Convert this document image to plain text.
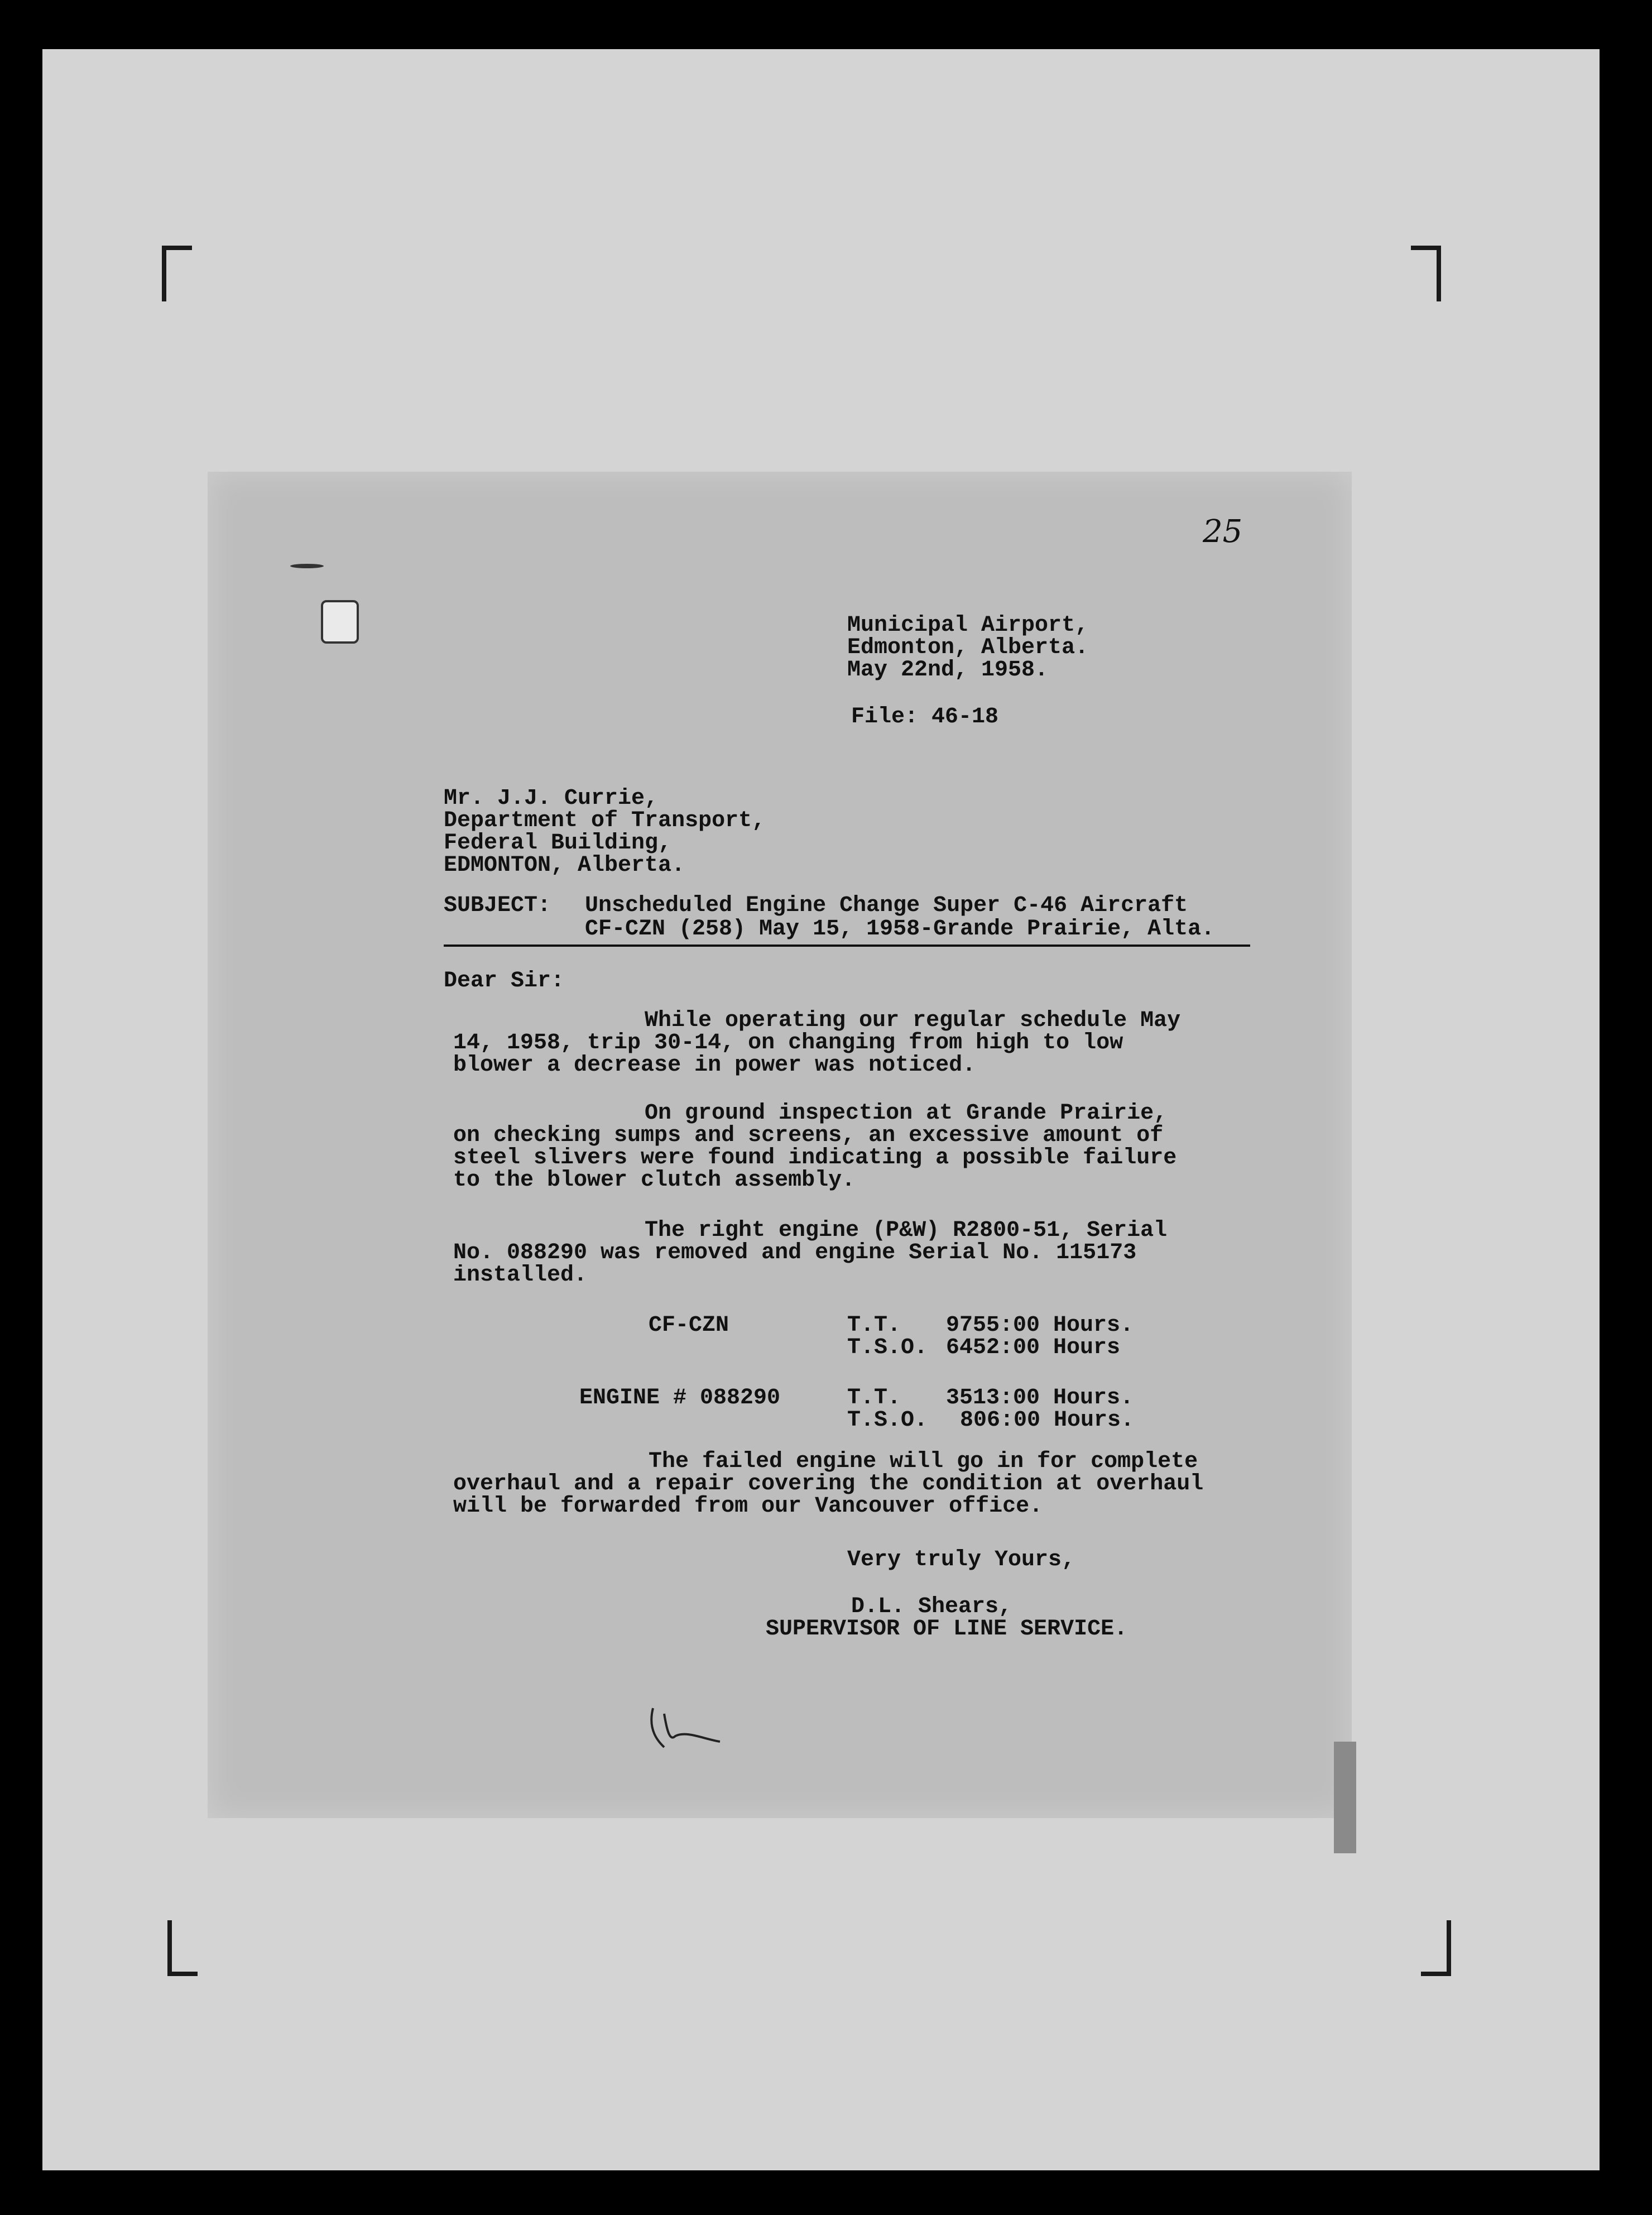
25
Municipal Airport,
Edmonton, Alberta.
May 22nd, 1958.
File: 46-18
Mr. J.J. Currie,
Department of Transport,
Federal Building,
EDMONTON, Alberta.
SUBJECT: Unscheduled Engine Change Super C-46 Aircraft
CF-CZN (258) May 15, 1958-Grande Prairie, Alta.
Dear Sir:
While operating our regular schedule May
14, 1958, trip 30-14, on changing from high to low
blower a decrease in power was noticed.
On ground inspection at Grande Prairie,
on checking sumps and screens, an excessive amount of
steel slivers were found indicating a possible failure
to the blower clutch assembly.
The right engine (P&W) R2800-51, Serial
No. 088290 was removed and engine Serial No. 115173
installed.
CF-CZN	T.T. 9755:00 Hours.
T.S.O. 6452:00 Hours
ENGINE # 088290	T.T. 3513:00 Hours.
T.S.O. 806:00 Hours.
The failed engine will go in for complete
overhaul and a repair covering the condition at overhaul
will be forwarded from our Vancouver office.
Very truly Yours,
D.L. Shears,
SUPERVISOR OF LINE SERVICE.
